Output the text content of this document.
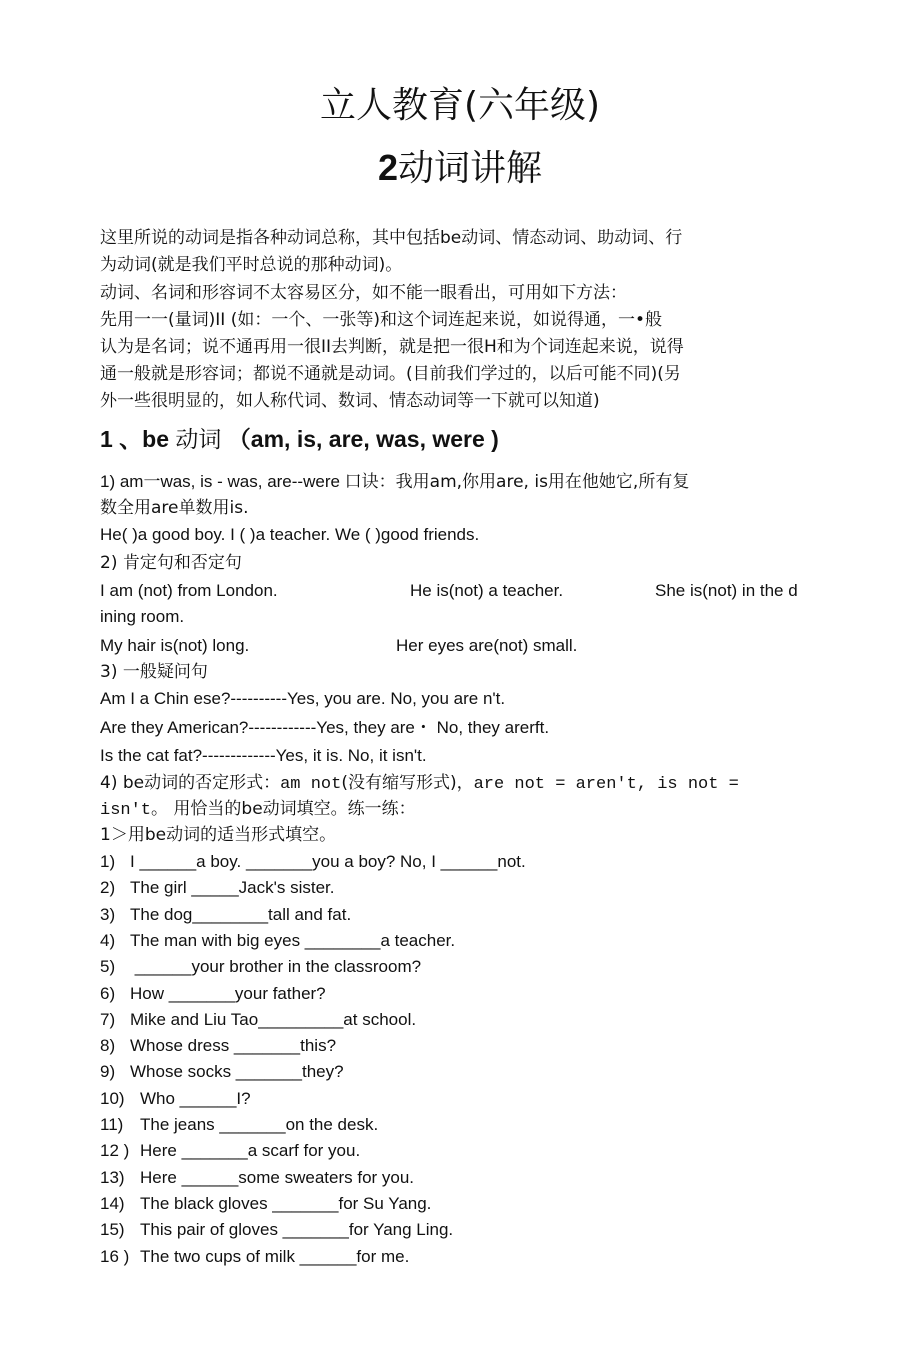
立人教育(六年级)
2动词讲解
这里所说的动词是指各种动词总称，其中包括be动词、情态动词、助动词、行
为动词(就是我们平时总说的那种动词)。
动词、名词和形容词不太容易区分，如不能一眼看出，可用如下方法：
先用一一(量词)II (如：一个、一张等)和这个词连起来说，如说得通，一•般
认为是名词；说不通再用一很II去判断，就是把一很H和为个词连起来说，说得
通一般就是形容词；都说不通就是动词。(目前我们学过的，以后可能不同)(另
外一些很明显的，如人称代词、数词、情态动词等一下就可以知道)
1 、be 动词 （am, is, are, was, were )
1) am一was, is - was, are--were 口诀：我用am,你用are, is用在他她它,所有复
数全用are单数用is.
He( )a good boy. I ( )a teacher. We ( )good friends.
2) 肯定句和否定句
I am (not) from London.	He is(not) a teacher.	She is(not) in the d
ining room.
My hair is(not) long.	Her eyes are(not) small.
3) 一般疑问句
Am I a Chin ese?----------Yes, you are. No, you are n't.
Are they American?------------Yes, they are・ No, they arerft.
Is the cat fat?-------------Yes, it is. No, it isn't.
4) be动词的否定形式：am not(没有缩写形式)，are not = aren't, is not =
isn't。 用恰当的be动词填空。练一练：
1＞用be动词的适当形式填空。
1) I ______a boy. _______you a boy? No, I ______not.
2) The girl _____Jack's sister.
3) The dog________tall and fat.
4) The man with big eyes ________a teacher.
5) ______your brother in the classroom?
6) How _______your father?
7) Mike and Liu Tao_________at school.
8) Whose dress _______this?
9) Whose socks _______they?
10) Who ______I?
11) The jeans _______on the desk.
12 ) Here _______a scarf for you.
13) Here ______some sweaters for you.
14) The black gloves _______for Su Yang.
15) This pair of gloves _______for Yang Ling.
16 ) The two cups of milk ______for me.
